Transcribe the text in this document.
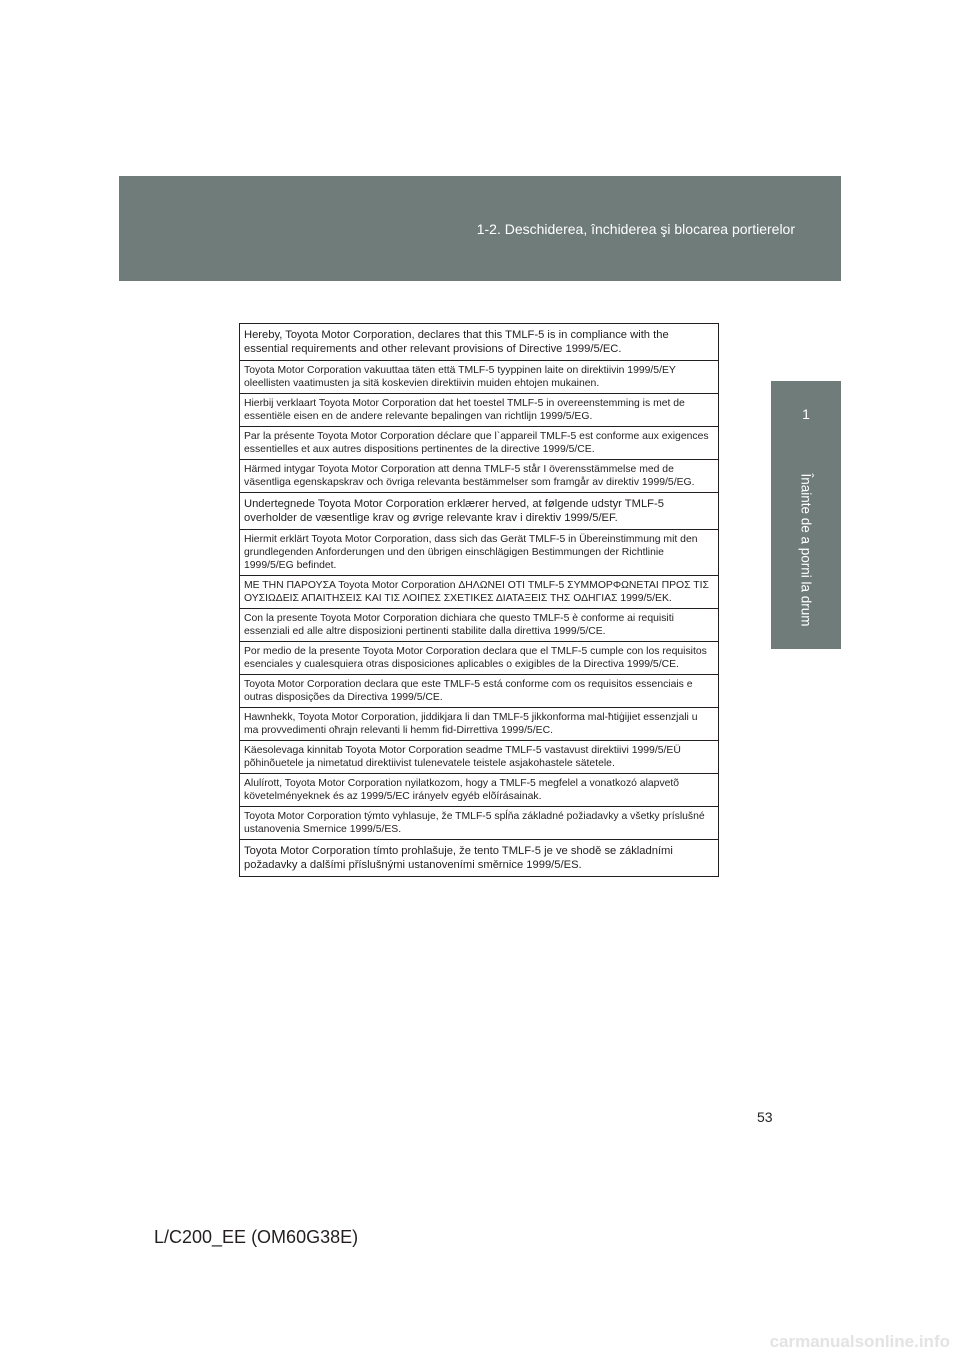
1-2. Deschiderea, închiderea şi blocarea portierelor
1
Înainte de a porni la drum
Hereby, Toyota Motor Corporation, declares that this TMLF-5 is in compliance with the essential requirements and other relevant provisions of Directive 1999/5/EC.
Toyota Motor Corporation vakuuttaa täten että TMLF-5 tyyppinen laite on direktiivin 1999/5/EY oleellisten vaatimusten ja sitä koskevien direktiivin muiden ehtojen mukainen.
Hierbij verklaart Toyota Motor Corporation dat het toestel TMLF-5 in overeenstemming is met de essentiële eisen en de andere relevante bepalingen van richtlijn 1999/5/EG.
Par la présente Toyota Motor Corporation déclare que l`appareil TMLF-5 est conforme aux exigences essentielles et aux autres dispositions pertinentes de la directive 1999/5/CE.
Härmed intygar Toyota Motor Corporation att denna TMLF-5 står I överensstämmelse med de väsentliga egenskapskrav och övriga relevanta bestämmelser som framgår av direktiv 1999/5/EG.
Undertegnede Toyota Motor Corporation erklærer herved, at følgende udstyr TMLF-5 overholder de væsentlige krav og øvrige relevante krav i direktiv 1999/5/EF.
Hiermit erklärt Toyota Motor Corporation, dass sich das Gerät TMLF-5 in Übereinstimmung mit den grundlegenden Anforderungen und den übrigen einschlägigen Bestimmungen der Richtlinie 1999/5/EG befindet.
ΜΕ ΤΗΝ ΠΑΡΟΥΣΑ Toyota Motor Corporation ΔΗΛΩΝΕΙ ΟΤΙ TMLF-5 ΣΥΜΜΟΡΦΩΝΕΤΑΙ ΠΡΟΣ ΤΙΣ ΟΥΣΙΩΔΕΙΣ ΑΠΑΙΤΗΣΕΙΣ ΚΑΙ ΤΙΣ ΛΟΙΠΕΣ ΣΧΕΤΙΚΕΣ ΔΙΑΤΑΞΕΙΣ ΤΗΣ ΟΔΗΓΙΑΣ 1999/5/ΕΚ.
Con la presente Toyota Motor Corporation dichiara che questo TMLF-5 è conforme ai requisiti essenziali ed alle altre disposizioni pertinenti stabilite dalla direttiva 1999/5/CE.
Por medio de la presente Toyota Motor Corporation declara que el TMLF-5 cumple con los requisitos esenciales y cualesquiera otras disposiciones aplicables o exigibles de la Directiva 1999/5/CE.
Toyota Motor Corporation declara que este TMLF-5 está conforme com os requisitos essenciais e outras disposições da Directiva 1999/5/CE.
Hawnhekk, Toyota Motor Corporation, jiddikjara li dan TMLF-5 jikkonforma mal-ħtiġijiet essenzjali u ma provvedimenti oħrajn relevanti li hemm fid-Dirrettiva 1999/5/EC.
Käesolevaga kinnitab Toyota Motor Corporation seadme TMLF-5 vastavust direktiivi 1999/5/EÜ põhinõuetele ja nimetatud direktiivist tulenevatele teistele asjakohastele sätetele.
Alulírott, Toyota Motor Corporation nyilatkozom, hogy a TMLF-5 megfelel a vonatkozó alapvetõ követelményeknek és az 1999/5/EC irányelv egyéb elõírásainak.
Toyota Motor Corporation týmto vyhlasuje, že TMLF-5 spĺňa základné požiadavky a všetky príslušné ustanovenia Smernice 1999/5/ES.
Toyota Motor Corporation tímto prohlašuje, že tento TMLF-5 je ve shodě se základními požadavky a dalšími příslušnými ustanoveními směrnice 1999/5/ES.
53
L/C200_EE (OM60G38E)
carmanualsonline.info
